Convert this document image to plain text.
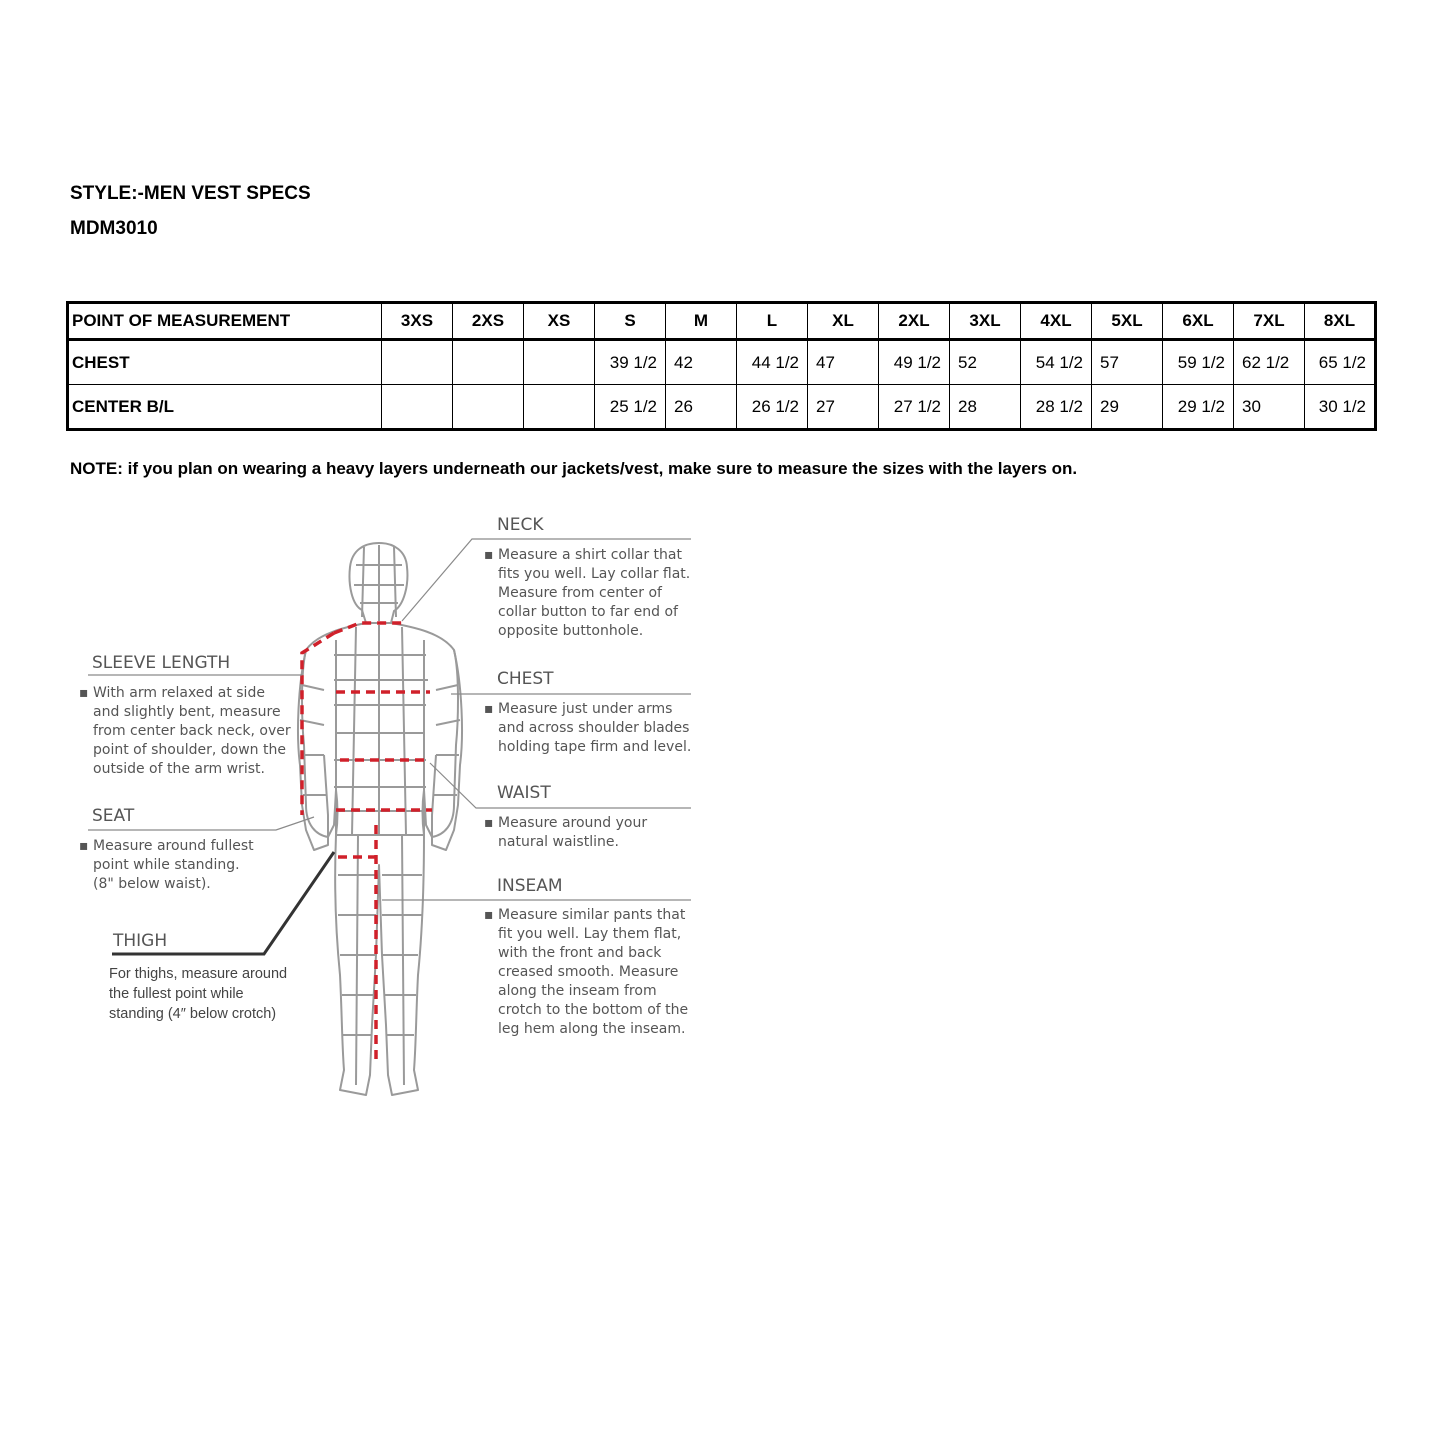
STYLE:-MEN VEST SPECS
MDM3010
POINT OF MEASUREMENT	3XS	2XS	XS	S	M	L	XL	2XL	3XL	4XL	5XL	6XL	7XL	8XL
CHEST				39 1/2	42	44 1/2	47	49 1/2	52	54 1/2	57	59 1/2	62 1/2	65 1/2
CENTER B/L				25 1/2	26	26 1/2	27	27 1/2	28	28 1/2	29	29 1/2	30	30 1/2
NOTE: if you plan on wearing a heavy layers underneath our jackets/vest, make sure to measure the sizes with the layers on.
NECK
▪ Measure a shirt collar that
fits you well. Lay collar flat.
Measure from center of
collar button to far end of
opposite buttonhole.
CHEST
▪ Measure just under arms
and across shoulder blades
holding tape firm and level.
WAIST
▪ Measure around your
natural waistline.
INSEAM
▪ Measure similar pants that
fit you well. Lay them flat,
with the front and back
creased smooth. Measure
along the inseam from
crotch to the bottom of the
leg hem along the inseam.
SLEEVE LENGTH
▪ With arm relaxed at side
and slightly bent, measure
from center back neck, over
point of shoulder, down the
outside of the arm wrist.
SEAT
▪ Measure around fullest
point while standing.
(8" below waist).
THIGH
For thighs, measure around
the fullest point while
standing (4″ below crotch)
